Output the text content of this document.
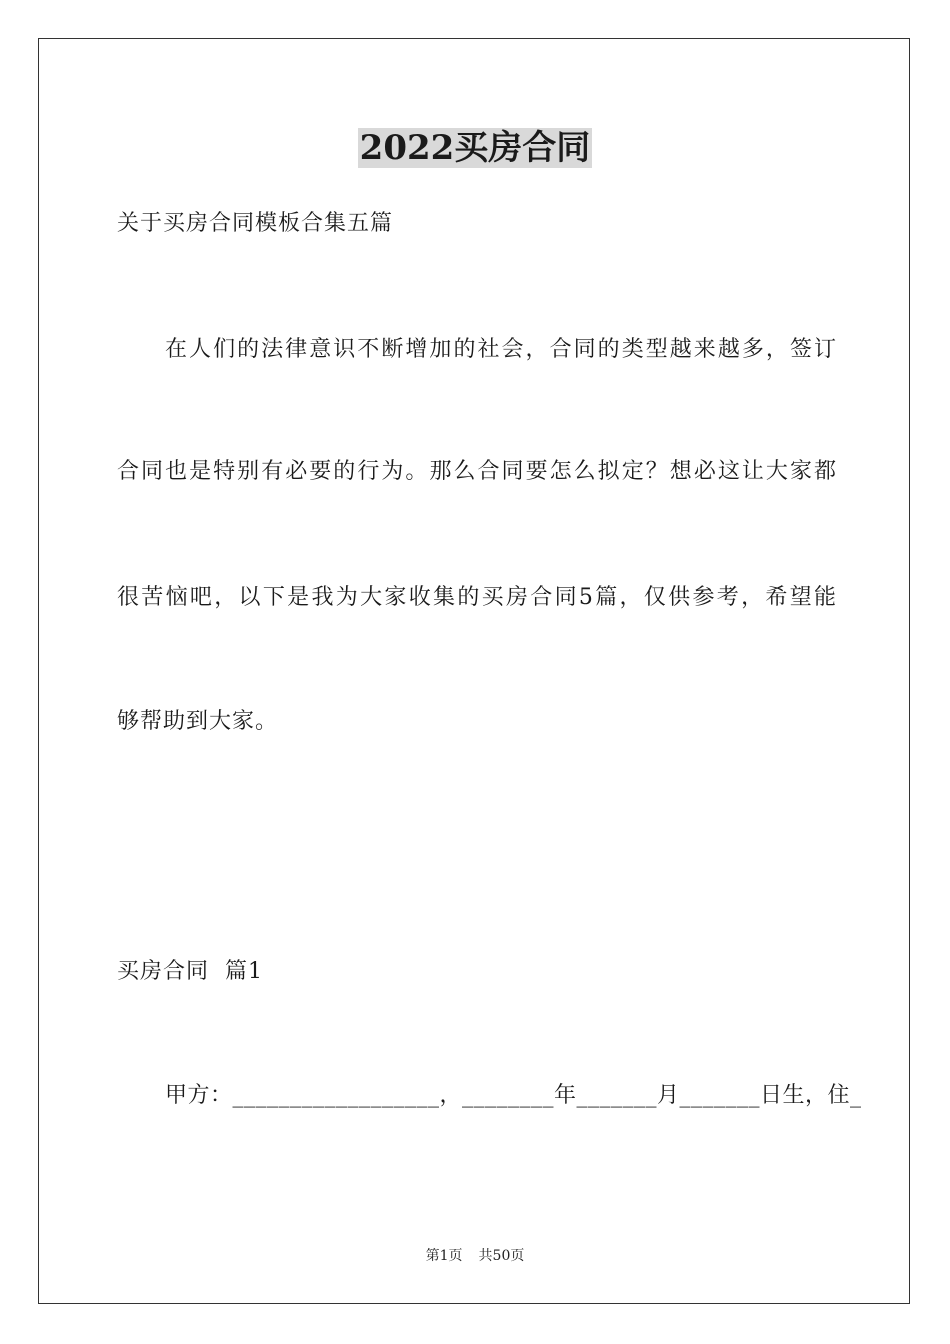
2022买房合同
关于买房合同模板合集五篇
在人们的法律意识不断增加的社会，合同的类型越来越多，签订
合同也是特别有必要的行为。那么合同要怎么拟定？想必这让大家都
很苦恼吧，以下是我为大家收集的买房合同5篇，仅供参考，希望能
够帮助到大家。
买房合同  篇1
甲方：__________________，________年_______月_______日生，住_
第1页 共50页
